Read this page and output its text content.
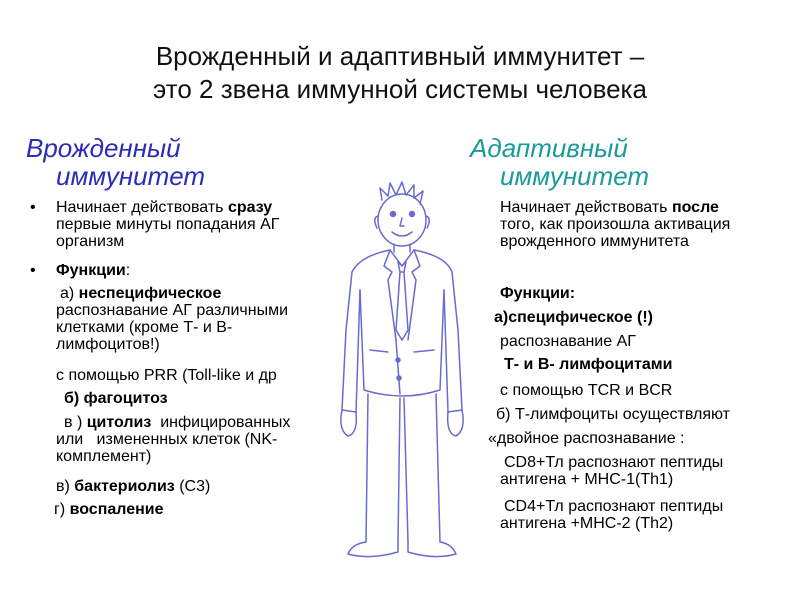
Врожденный и адаптивный иммунитет –
это 2 звена иммунной системы человека
Врожденный
иммунитет
• Начинает действовать сразу

первые минуты попадания АГ

организм

• Функции:

а) неспецифическое

распознавание АГ различными

клетками (кроме Т- и В-

лимфоцитов!)

с помощью PRR (Toll-like и др

б) фагоцитоз

в ) цитолиз  инфицированных

или   измененных клеток (NK-

комплемент)

в) бактериолиз (С3)

г) воспаление

Адаптивный
иммунитет

Начинает действовать после

того, как произошла активация

врожденного иммунитета

Функции:

а)специфическое (!)

распознавание АГ

Т- и В- лимфоцитами

с помощью TCR и BCR

б) Т-лимфоциты осуществляют

«двойное распознавание :

CD8+Тл распознают пептиды

антигена + МНС-1(Th1)

CD4+Тл распознают пептиды

антигена +МНС-2 (Th2)
